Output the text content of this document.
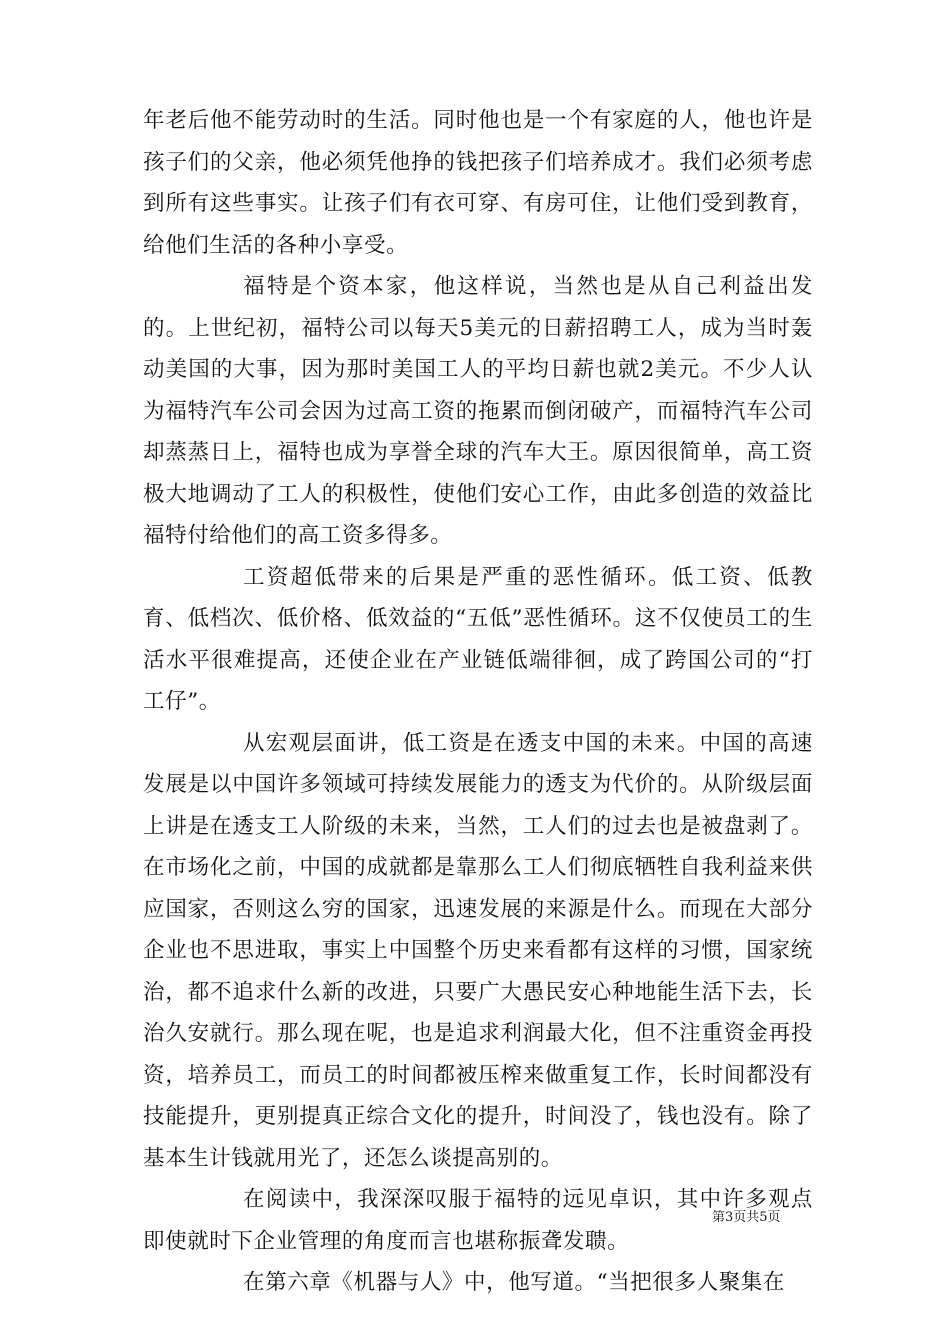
年老后他不能劳动时的生活。同时他也是一个有家庭的人，他也许是孩子们的父亲，他必须凭他挣的钱把孩子们培养成才。我们必须考虑到所有这些事实。让孩子们有衣可穿、有房可住，让他们受到教育，给他们生活的各种小享受。

福特是个资本家，他这样说，当然也是从自己利益出发的。上世纪初，福特公司以每天5美元的日薪招聘工人，成为当时轰动美国的大事，因为那时美国工人的平均日薪也就2美元。不少人认为福特汽车公司会因为过高工资的拖累而倒闭破产，而福特汽车公司却蒸蒸日上，福特也成为享誉全球的汽车大王。原因很简单，高工资极大地调动了工人的积极性，使他们安心工作，由此多创造的效益比福特付给他们的高工资多得多。

工资超低带来的后果是严重的恶性循环。低工资、低教育、低档次、低价格、低效益的“五低”恶性循环。这不仅使员工的生活水平很难提高，还使企业在产业链低端徘徊，成了跨国公司的“打工仔”。

从宏观层面讲，低工资是在透支中国的未来。中国的高速发展是以中国许多领域可持续发展能力的透支为代价的。从阶级层面上讲是在透支工人阶级的未来，当然，工人们的过去也是被盘剥了。在市场化之前，中国的成就都是靠那么工人们彻底牺牲自我利益来供应国家，否则这么穷的国家，迅速发展的来源是什么。而现在大部分企业也不思进取，事实上中国整个历史来看都有这样的习惯，国家统治，都不追求什么新的改进，只要广大愚民安心种地能生活下去，长治久安就行。那么现在呢，也是追求利润最大化，但不注重资金再投资，培养员工，而员工的时间都被压榨来做重复工作，长时间都没有技能提升，更别提真正综合文化的提升，时间没了，钱也没有。除了基本生计钱就用光了，还怎么谈提高别的。

在阅读中，我深深叹服于福特的远见卓识，其中许多观点即使就时下企业管理的角度而言也堪称振聋发聩。

在第六章《机器与人》中，他写道。“当把很多人聚集在

第3页共5页
